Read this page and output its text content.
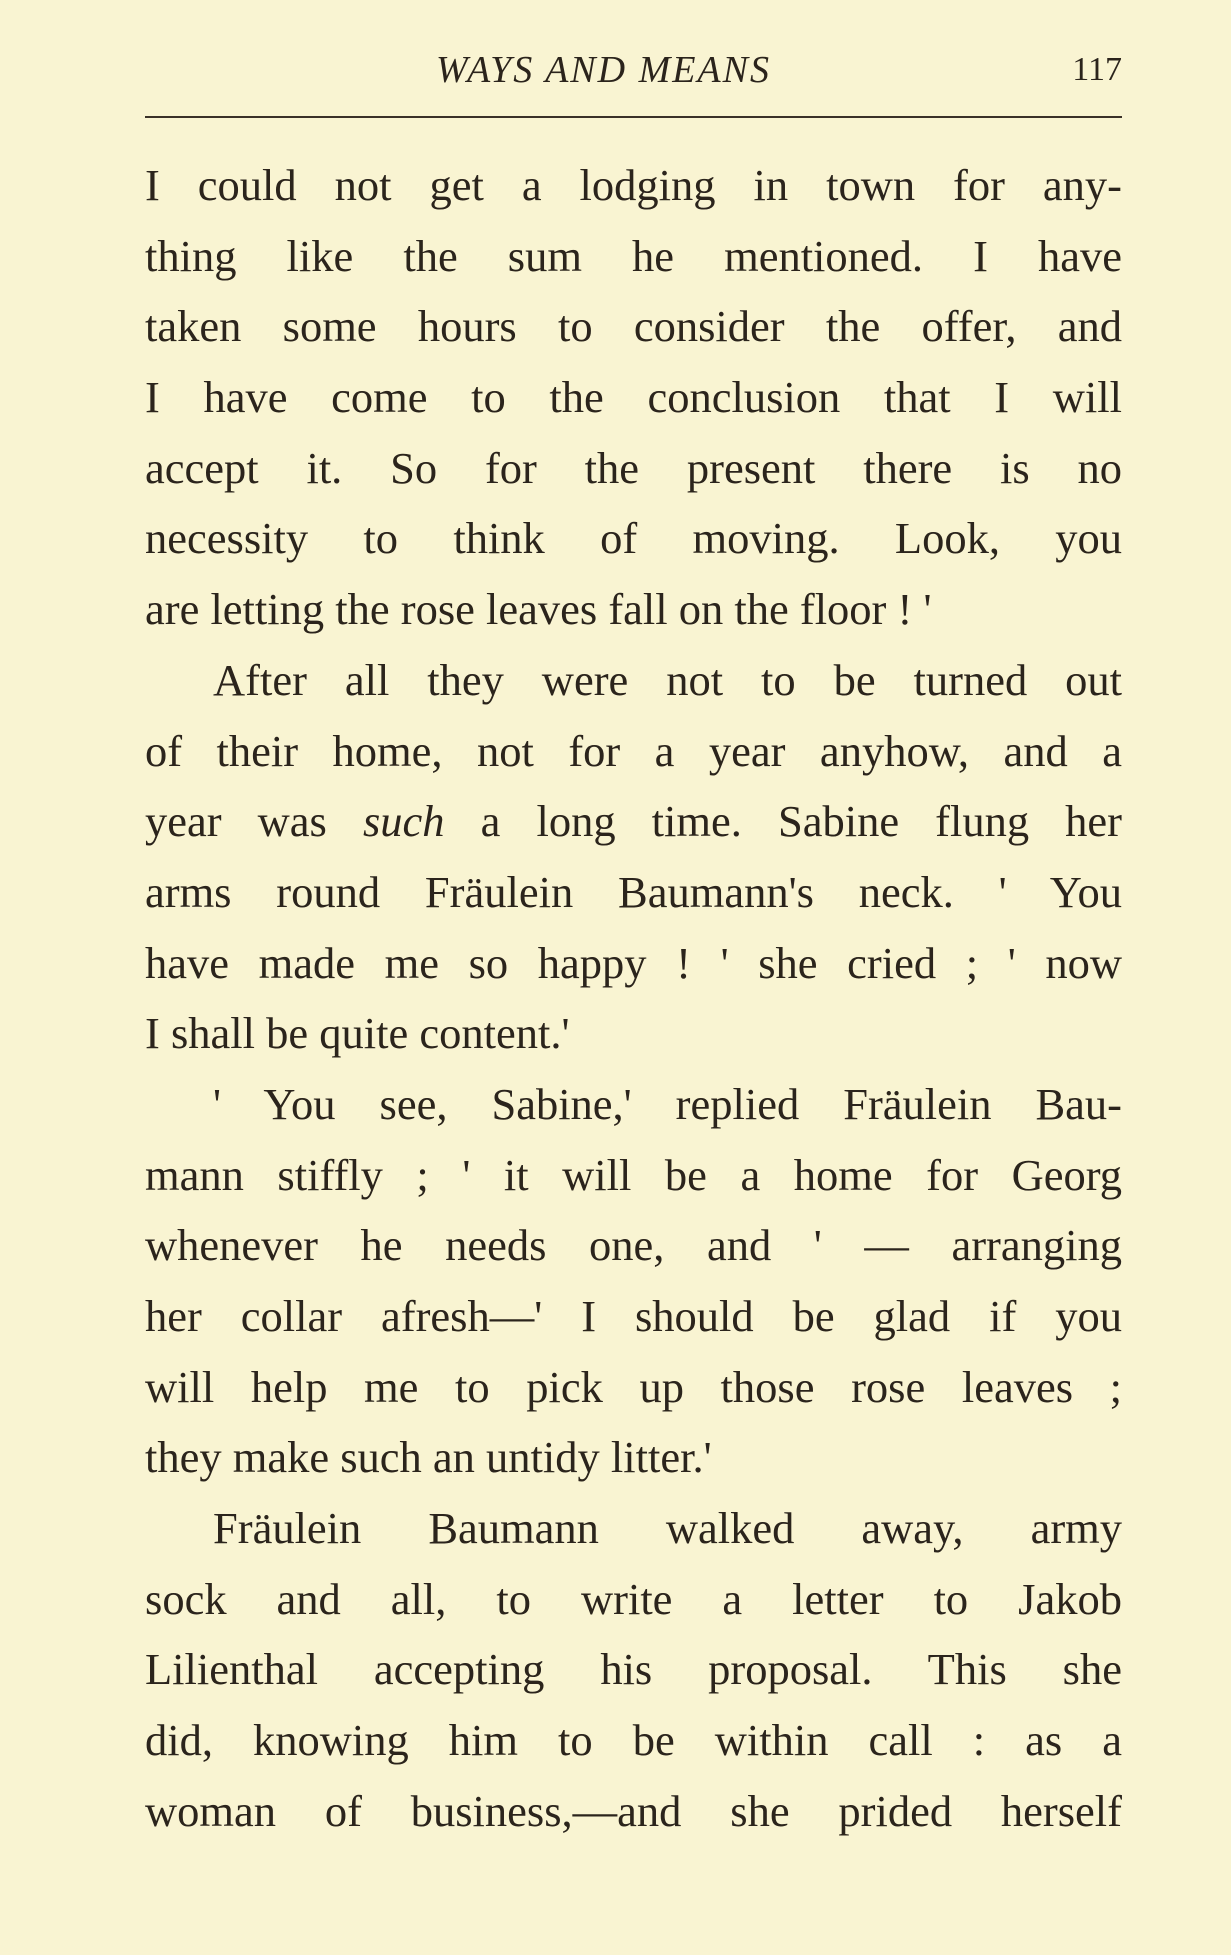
WAYS AND MEANS	117
I could not get a lodging in town for any-
thing like the sum he mentioned. I have
taken some hours to consider the offer, and
I have come to the conclusion that I will
accept it. So for the present there is no
necessity to think of moving. Look, you
are letting the rose leaves fall on the floor ! '
After all they were not to be turned out
of their home, not for a year anyhow, and a
year was such a long time. Sabine flung her
arms round Fräulein Baumann's neck. ' You
have made me so happy ! ' she cried ; ' now
I shall be quite content.'
' You see, Sabine,' replied Fräulein Bau-
mann stiffly ; ' it will be a home for Georg
whenever he needs one, and ' — arranging
her collar afresh—' I should be glad if you
will help me to pick up those rose leaves ;
they make such an untidy litter.'
Fräulein Baumann walked away, army
sock and all, to write a letter to Jakob
Lilienthal accepting his proposal. This she
did, knowing him to be within call : as a
woman of business,—and she prided herself
